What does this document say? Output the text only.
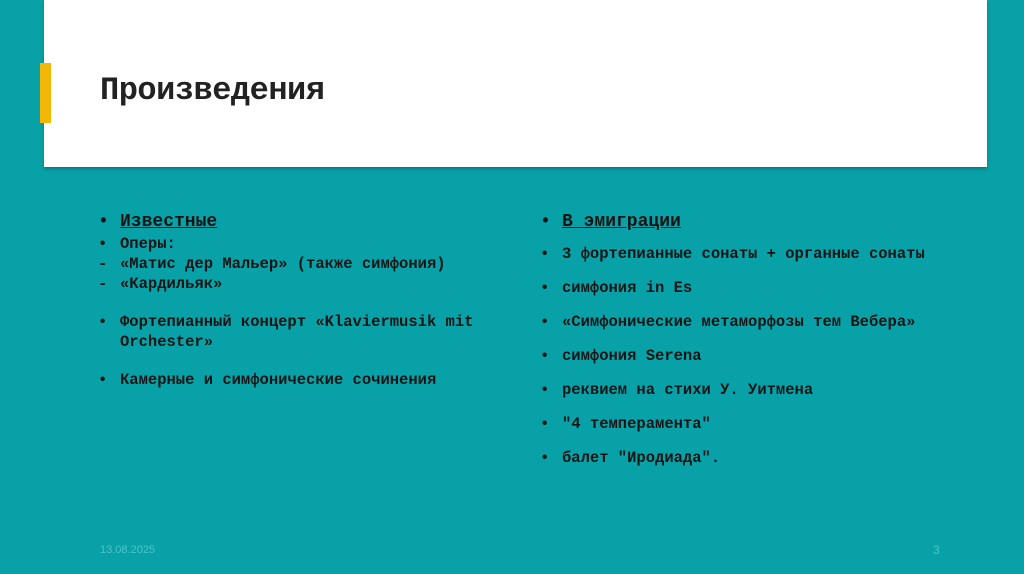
Произведения
• Известные
• Оперы:
- «Матис дер Мальер» (также симфония)
- «Кардильяк»
• Фортепианный концерт «Klaviermusik mit Orchester»
• Камерные и симфонические сочинения
• В эмиграции
• 3 фортепианные сонаты + органные сонаты
• симфония in Es
• «Симфонические метаморфозы тем Вебера»
• симфония Serena
• реквием на стихи У. Уитмена
• "4 темперамента"
• балет "Иродиада".
13.08.2025	3
